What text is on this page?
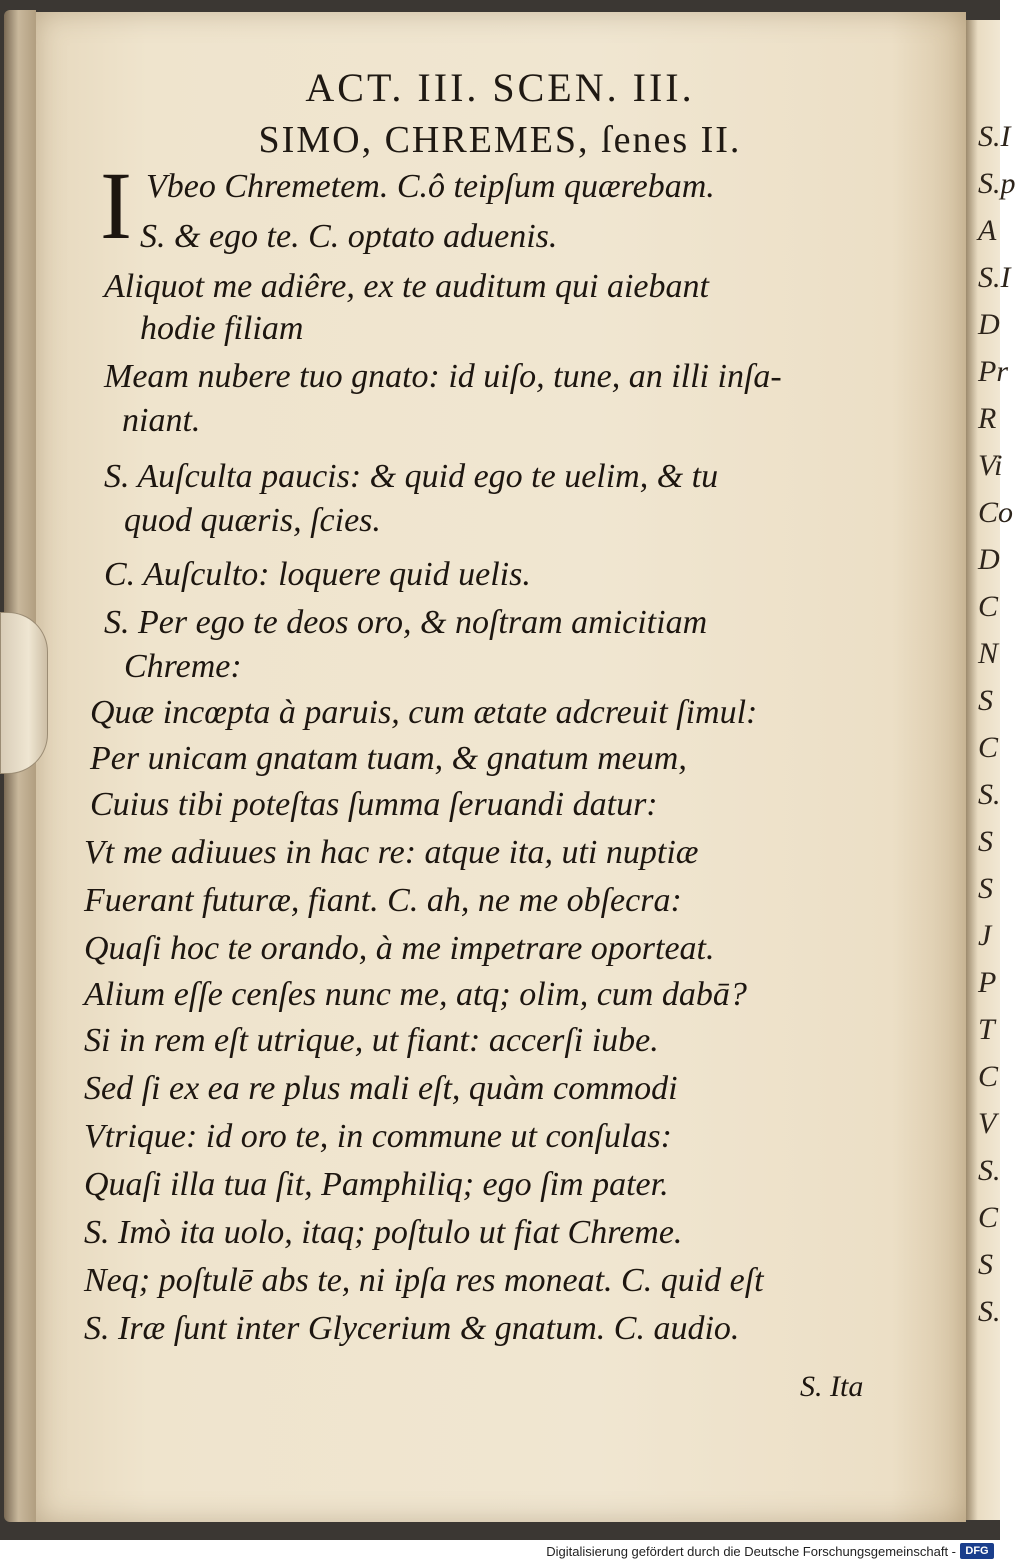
S.I
S.p
A
S.I
D
Pr
R
Vi
Co
D
C
N
S
C
S.
S
S
J
P
T
C
V
S.
C
S
S.
ACT. III. SCEN. III.
SIMO, CHREMES, ſenes II.
I Vbeo Chremetem. C.ô teipſum quærebam.
S. & ego te. C. optato aduenis.
Aliquot me adiêre, ex te auditum qui aiebant
hodie filiam
Meam nubere tuo gnato: id uiſo, tune, an illi inſa-
niant.
S. Auſculta paucis: & quid ego te uelim, & tu
quod quæris, ſcies.
C. Auſculto: loquere quid uelis.
S. Per ego te deos oro, & noſtram amicitiam
Chreme:
Quæ incœpta à paruis, cum ætate adcreuit ſimul:
Per unicam gnatam tuam, & gnatum meum,
Cuius tibi poteſtas ſumma ſeruandi datur:
Vt me adiuues in hac re: atque ita, uti nuptiæ
Fuerant futuræ, fiant. C. ah, ne me obſecra:
Quaſi hoc te orando, à me impetrare oporteat.
Alium eſſe cenſes nunc me, atq; olim, cum dabā?
Si in rem eſt utrique, ut fiant: accerſi iube.
Sed ſi ex ea re plus mali eſt, quàm commodi
Vtrique: id oro te, in commune ut conſulas:
Quaſi illa tua ſit, Pamphiliq; ego ſim pater.
S. Imò ita uolo, itaq; poſtulo ut fiat Chreme.
Neq; poſtulē abs te, ni ipſa res moneat. C. quid eſt
S. Iræ ſunt inter Glycerium & gnatum. C. audio.
S. Ita
Digitalisierung gefördert durch die Deutsche Forschungsgemeinschaft - DFG
